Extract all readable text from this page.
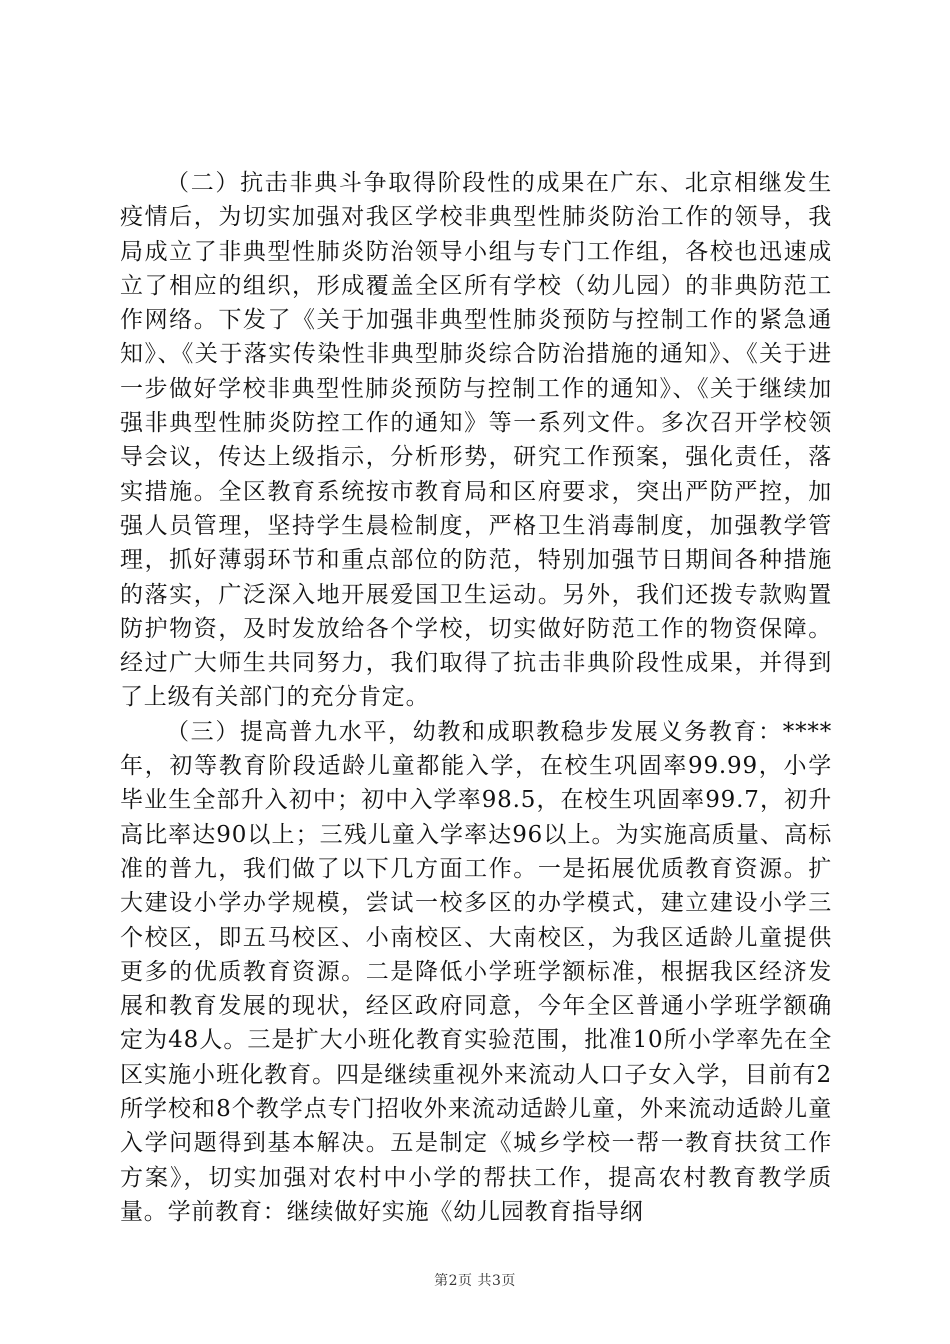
（二）抗击非典斗争取得阶段性的成果在广东、北京相继发生疫情后，为切实加强对我区学校非典型性肺炎防治工作的领导，我局成立了非典型性肺炎防治领导小组与专门工作组，各校也迅速成立了相应的组织，形成覆盖全区所有学校（幼儿园）的非典防范工作网络。下发了《关于加强非典型性肺炎预防与控制工作的紧急通知》、《关于落实传染性非典型肺炎综合防治措施的通知》、《关于进一步做好学校非典型性肺炎预防与控制工作的通知》、《关于继续加强非典型性肺炎防控工作的通知》等一系列文件。多次召开学校领导会议，传达上级指示，分析形势，研究工作预案，强化责任，落实措施。全区教育系统按市教育局和区府要求，突出严防严控，加强人员管理，坚持学生晨检制度，严格卫生消毒制度，加强教学管理，抓好薄弱环节和重点部位的防范，特别加强节日期间各种措施的落实，广泛深入地开展爱国卫生运动。另外，我们还拨专款购置防护物资，及时发放给各个学校，切实做好防范工作的物资保障。经过广大师生共同努力，我们取得了抗击非典阶段性成果，并得到了上级有关部门的充分肯定。

（三）提高普九水平，幼教和成职教稳步发展义务教育：****年，初等教育阶段适龄儿童都能入学，在校生巩固率99.99，小学毕业生全部升入初中；初中入学率98.5，在校生巩固率99.7，初升高比率达90以上；三残儿童入学率达96以上。为实施高质量、高标准的普九，我们做了以下几方面工作。一是拓展优质教育资源。扩大建设小学办学规模，尝试一校多区的办学模式，建立建设小学三个校区，即五马校区、小南校区、大南校区，为我区适龄儿童提供更多的优质教育资源。二是降低小学班学额标准，根据我区经济发展和教育发展的现状，经区政府同意，今年全区普通小学班学额确定为48人。三是扩大小班化教育实验范围，批准10所小学率先在全区实施小班化教育。四是继续重视外来流动人口子女入学，目前有2所学校和8个教学点专门招收外来流动适龄儿童，外来流动适龄儿童入学问题得到基本解决。五是制定《城乡学校一帮一教育扶贫工作方案》，切实加强对农村中小学的帮扶工作，提高农村教育教学质量。学前教育：继续做好实施《幼儿园教育指导纲

第2页 共3页
